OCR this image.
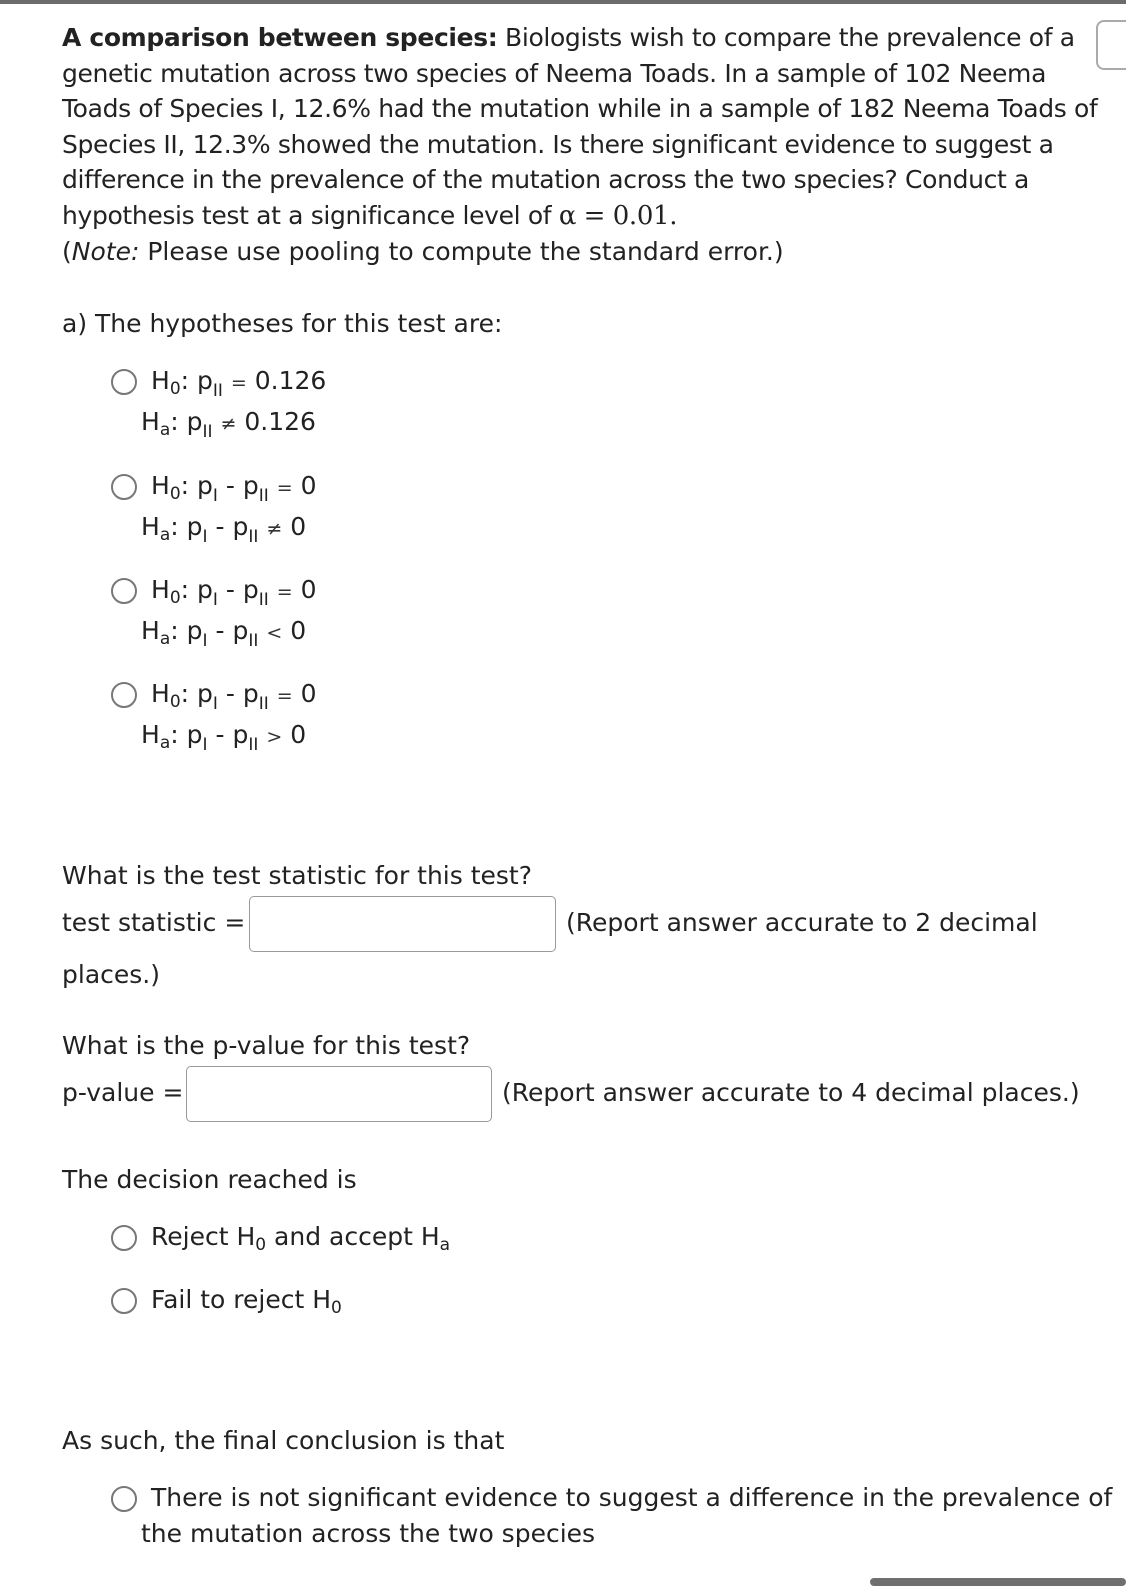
A comparison between species: Biologists wish to compare the prevalence of a
genetic mutation across two species of Neema Toads. In a sample of 102 Neema
Toads of Species I, 12.6% had the mutation while in a sample of 182 Neema Toads of
Species II, 12.3% showed the mutation. Is there significant evidence to suggest a
difference in the prevalence of the mutation across the two species? Conduct a
hypothesis test at a significance level of α = 0.01.
(Note: Please use pooling to compute the standard error.)
a) The hypotheses for this test are:
$H_0$: $p_{II} = 0.126$
$H_a$: $p_{II} \ne 0.126$
$H_0$: $p_I - p_{II} = 0$
$H_a$: $p_I - p_{II} \ne 0$
$H_0$: $p_I - p_{II} = 0$
$H_a$: $p_I - p_{II} < 0$
$H_0$: $p_I - p_{II} = 0$
$H_a$: $p_I - p_{II} > 0$
What is the test statistic for this test?
test statistic =	(Report answer accurate to 2 decimal
places.)
What is the p-value for this test?
p-value =	(Report answer accurate to 4 decimal places.)
The decision reached is
Reject $H_0$ and accept $H_a$
Fail to reject $H_0$
As such, the final conclusion is that
There is not significant evidence to suggest a difference in the prevalence of
the mutation across the two species
